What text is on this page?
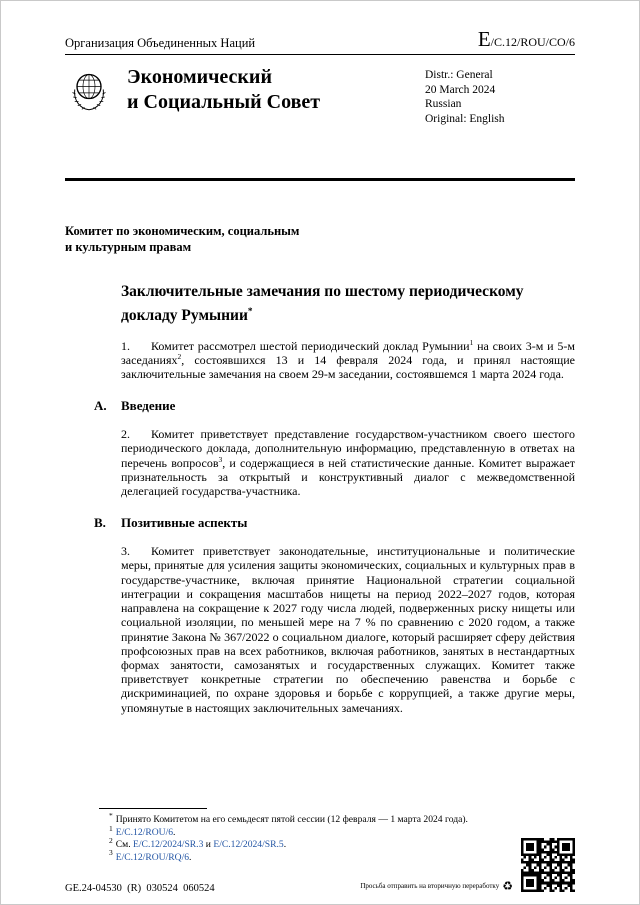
Организация Объединенных Наций	E/C.12/ROU/CO/6
Экономический
и Социальный Совет
Distr.: General
20 March 2024
Russian
Original: English
Комитет по экономическим, социальным
и культурным правам
Заключительные замечания по шестому периодическому докладу Румынии*
1. Комитет рассмотрел шестой периодический доклад Румынии$^1$ на своих 3-м и 5-м заседаниях$^2$, состоявшихся 13 и 14 февраля 2024 года, и принял настоящие заключительные замечания на своем 29-м заседании, состоявшемся 1 марта 2024 года.
A. Введение
2. Комитет приветствует представление государством-участником своего шестого периодического доклада, дополнительную информацию, представленную в ответах на перечень вопросов$^3$, и содержащиеся в ней статистические данные. Комитет выражает признательность за открытый и конструктивный диалог с межведомственной делегацией государства-участника.
B. Позитивные аспекты
3. Комитет приветствует законодательные, институциональные и политические меры, принятые для усиления защиты экономических, социальных и культурных прав в государстве-участнике, включая принятие Национальной стратегии социальной интеграции и сокращения масштабов нищеты на период 2022–2027 годов, которая направлена на сокращение к 2027 году числа людей, подверженных риску нищеты или социальной изоляции, по меньшей мере на 7 % по сравнению с 2020 годом, а также принятие Закона № 367/2022 о социальном диалоге, который расширяет сферу действия профсоюзных прав на всех работников, включая работников, занятых в нестандартных формах занятости, самозанятых и государственных служащих. Комитет также приветствует конкретные стратегии по обеспечению равенства и борьбе с дискриминацией, по охране здоровья и борьбе с коррупцией, а также другие меры, упомянутые в настоящих заключительных замечаниях.
* Принято Комитетом на его семьдесят пятой сессии (12 февраля — 1 марта 2024 года).
$^1$ E/C.12/ROU/6.
$^2$ См. E/C.12/2024/SR.3 и E/C.12/2024/SR.5.
$^3$ E/C.12/ROU/RQ/6.
GE.24-04530  (R)  030524  060524	Просьба отправить на вторичную переработку ♻
